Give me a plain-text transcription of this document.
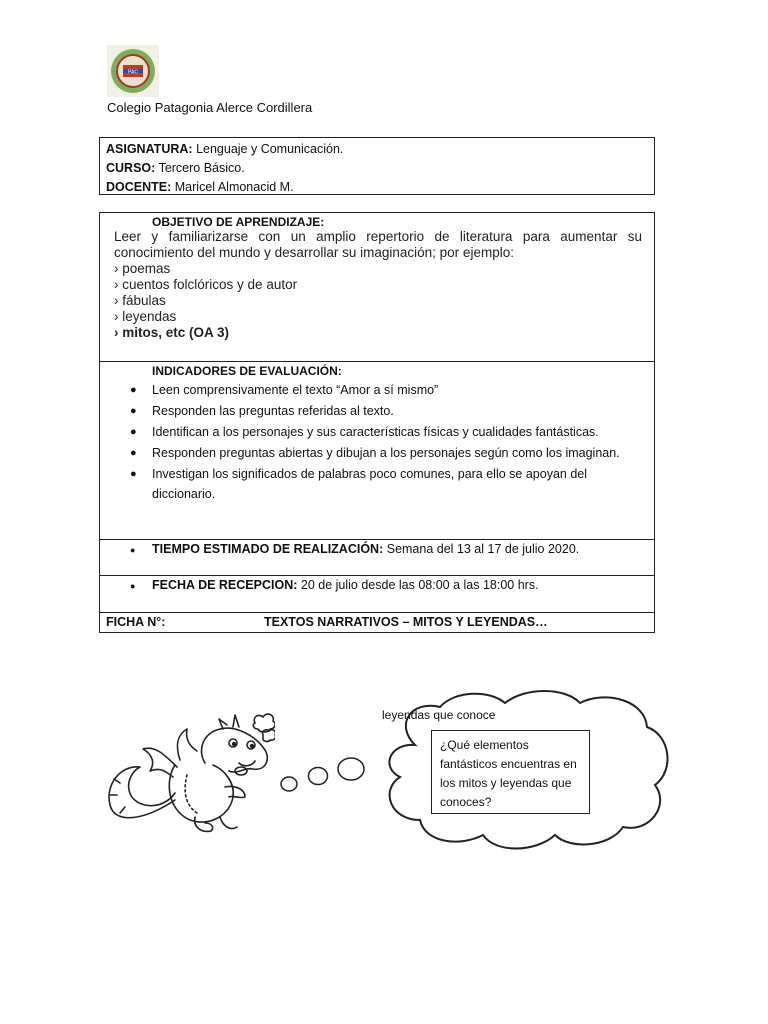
PAC
Colegio Patagonia Alerce Cordillera
ASIGNATURA: Lenguaje y Comunicación.
CURSO: Tercero Básico.
DOCENTE: Maricel Almonacid M.
OBJETIVO DE APRENDIZAJE:
Leer y familiarizarse con un amplio repertorio de literatura para aumentar su conocimiento del mundo y desarrollar su imaginación; por ejemplo:
› poemas
› cuentos folclóricos y de autor
› fábulas
› leyendas
› mitos, etc (OA 3)
INDICADORES DE EVALUACIÓN:
● Leen comprensivamente el texto “Amor a sí mismo”
● Responden las preguntas referidas al texto.
● Identifican a los personajes y sus características físicas y cualidades fantásticas.
● Responden preguntas abiertas y dibujan a los personajes según como los imaginan.
● Investigan los significados de palabras poco comunes, para ello se apoyan del diccionario.
● TIEMPO ESTIMADO DE REALIZACIÓN: Semana del 13 al 17 de julio 2020.
● FECHA DE RECEPCION: 20 de julio desde las 08:00 a las 18:00 hrs.
FICHA N°:	TEXTOS NARRATIVOS – MITOS Y LEYENDAS…
leyendas que conoce
¿Qué elementos fantásticos encuentras en los mitos y leyendas que conoces?
